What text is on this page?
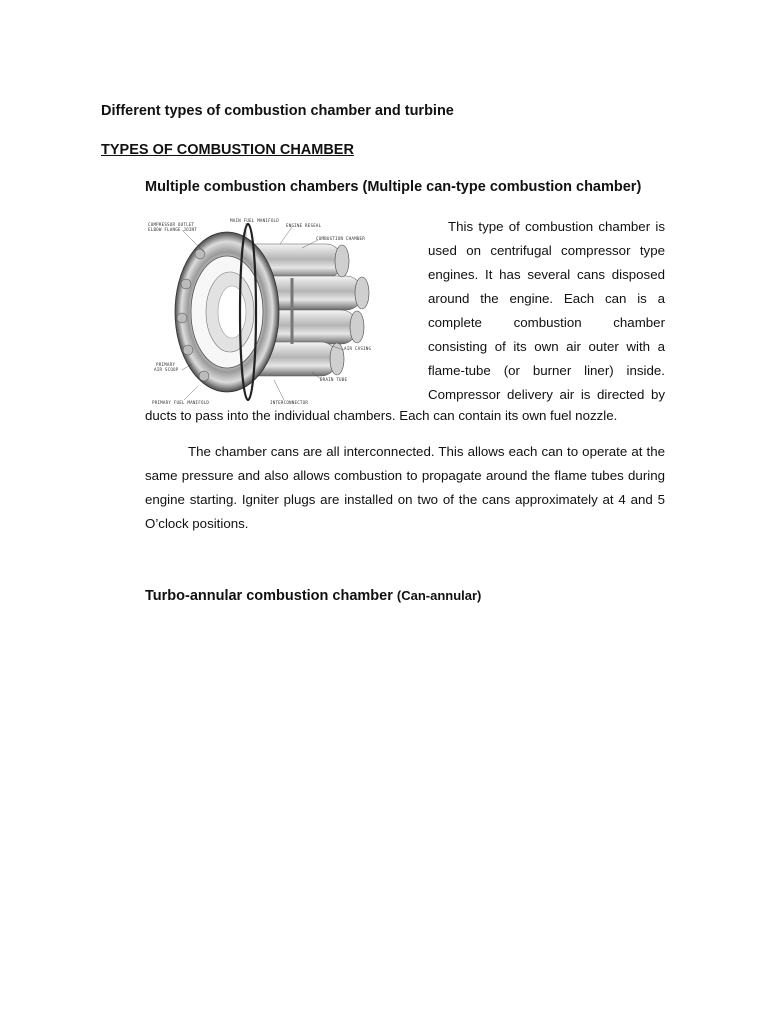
Different types of combustion chamber and turbine
TYPES OF COMBUSTION CHAMBER
Multiple combustion chambers (Multiple can-type combustion chamber)
COMPRESSOR OUTLET
ELBOW FLANGE JOINT
MAIN FUEL MANIFOLD
ENGINE RESEAL
COMBUSTION CHAMBER
AIR CASING
PRIMARY
AIR SCOOP
DRAIN TUBE
PRIMARY FUEL MANIFOLD	INTERCONNECTOR
This type of combustion chamber is used on centrifugal compressor type engines. It has several cans disposed around the engine. Each can is a complete combustion chamber consisting of its own air outer with a flame-tube (or burner liner) inside. Compressor delivery air is directed by
ducts to pass into the individual chambers. Each can contain its own fuel nozzle.
The chamber cans are all interconnected. This allows each can to operate at the same pressure and also allows combustion to propagate around the flame tubes during engine starting. Igniter plugs are installed on two of the cans approximately at 4 and 5 O’clock positions.
Turbo-annular combustion chamber (Can-annular)
